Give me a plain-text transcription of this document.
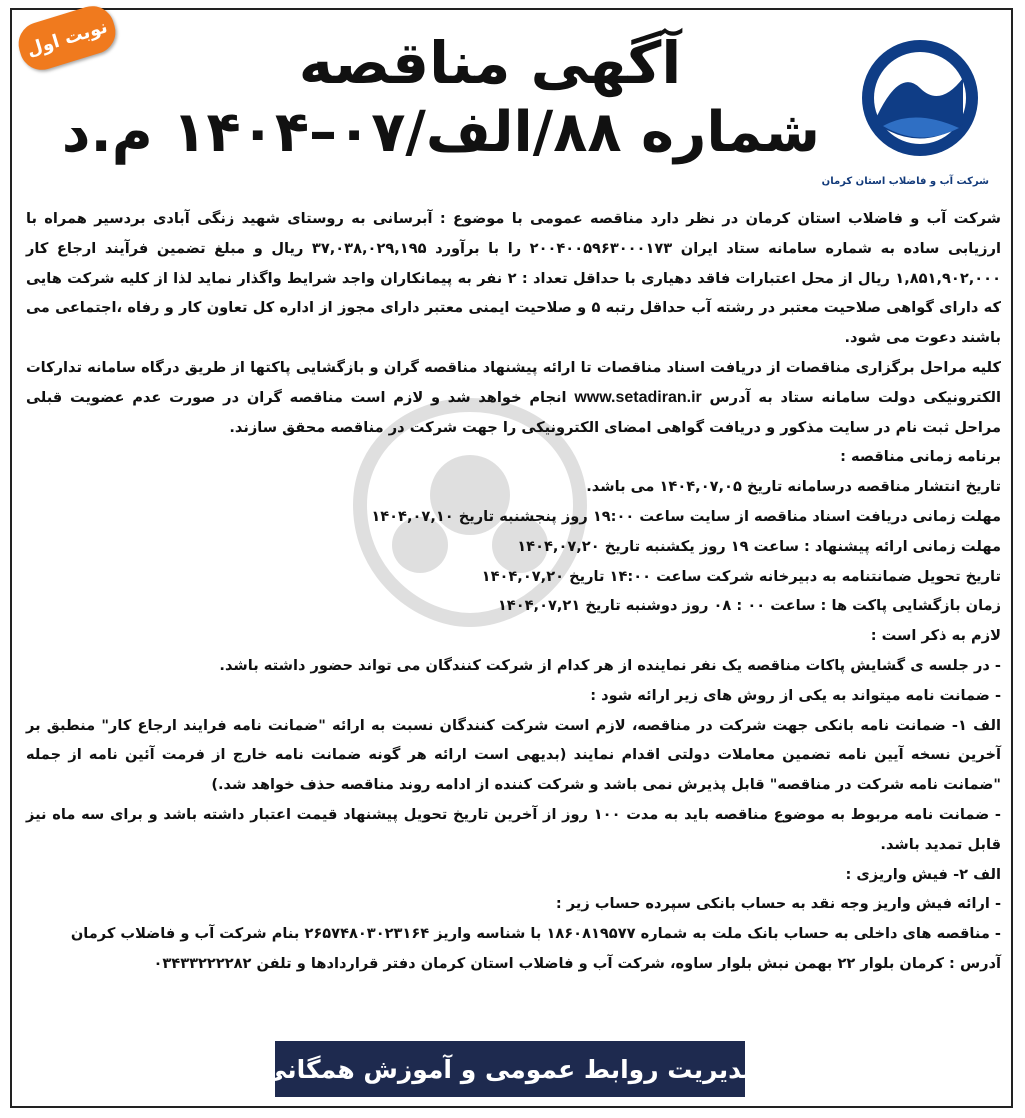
نوبت اول
شرکت آب و فاضلاب استان کرمان
آگهی مناقصه
شماره ۸۸/الف/۰۷–۱۴۰۴ م.د

شرکت آب و فاضلاب استان کرمان در نظر دارد مناقصه عمومی با موضوع : آبرسانی به روستای شهید زنگی آبادی بردسیر همراه با ارزیابی ساده به شماره سامانه ستاد ایران ۲۰۰۴۰۰۵۹۶۳۰۰۰۱۷۳ را با برآورد ۳۷,۰۳۸,۰۲۹,۱۹۵ ریال و مبلغ تضمین فرآیند ارجاع کار ۱,۸۵۱,۹۰۲,۰۰۰ ریال از محل اعتبارات فاقد دهیاری با حداقل تعداد : ۲ نفر به پیمانکاران واجد شرایط واگذار نماید لذا از کلیه شرکت هایی که دارای گواهی صلاحیت معتبر در رشته آب حداقل رتبه ۵ و صلاحیت ایمنی معتبر دارای مجوز از اداره کل تعاون کار و رفاه ،اجتماعی می باشند دعوت می شود.

کلیه مراحل برگزاری مناقصات از دریافت اسناد مناقصات تا ارائه پیشنهاد مناقصه گران و بازگشایی پاکتها از طریق درگاه سامانه تدارکات الکترونیکی دولت سامانه ستاد به آدرس www.setadiran.ir انجام خواهد شد و لازم است مناقصه گران در صورت عدم عضویت قبلی مراحل ثبت نام در سایت مذکور و دریافت گواهی امضای الکترونیکی را جهت شرکت در مناقصه محقق سازند.

برنامه زمانی مناقصه :

تاریخ انتشار مناقصه درسامانه تاریخ ۱۴۰۴,۰۷,۰۵ می باشد.

مهلت زمانی دریافت اسناد مناقصه از سایت ساعت ۱۹:۰۰ روز پنجشنبه تاریخ ۱۴۰۴,۰۷,۱۰

مهلت زمانی ارائه پیشنهاد : ساعت ۱۹ روز یکشنبه تاریخ ۱۴۰۴,۰۷,۲۰

تاریخ تحویل ضمانتنامه به دبیرخانه شرکت ساعت ۱۴:۰۰ تاریخ ۱۴۰۴,۰۷,۲۰

زمان بازگشایی پاکت ها : ساعت ۰۰ : ۰۸ روز دوشنبه تاریخ ۱۴۰۴,۰۷,۲۱

لازم به ذکر است :

- در جلسه ی گشایش پاکات مناقصه یک نفر نماینده از هر کدام از شرکت کنندگان می تواند حضور داشته باشد.

- ضمانت نامه میتواند به یکی از روش های زیر ارائه شود :

الف ۱- ضمانت نامه بانکی جهت شرکت در مناقصه، لازم است شرکت کنندگان نسبت به ارائه "ضمانت نامه فرایند ارجاع کار" منطبق بر آخرین نسخه آیین نامه تضمین معاملات دولتی اقدام نمایند (بدیهی است ارائه هر گونه ضمانت نامه خارج از فرمت آئین نامه از جمله "ضمانت نامه شرکت در مناقصه" قابل پذیرش نمی باشد و شرکت کننده از ادامه روند مناقصه حذف خواهد شد.)

- ضمانت نامه مربوط به موضوع مناقصه باید به مدت ۱۰۰ روز از آخرین تاریخ تحویل پیشنهاد قیمت اعتبار داشته باشد و برای سه ماه نیز قابل تمدید باشد.

الف ۲- فیش واریزی :

- ارائه فیش واریز وجه نقد به حساب بانکی سپرده حساب زیر :

- مناقصه های داخلی به حساب بانک ملت به شماره ۱۸۶۰۸۱۹۵۷۷ با شناسه واریز ۲۶۵۷۴۸۰۳۰۲۳۱۶۴ بنام شرکت آب و فاضلاب کرمان

آدرس : کرمان بلوار ۲۲ بهمن نبش بلوار ساوه، شرکت آب و فاضلاب استان کرمان دفتر قراردادها و تلفن ۰۳۴۳۳۲۲۲۲۸۲

مدیریت روابط عمومی و آموزش همگانی
